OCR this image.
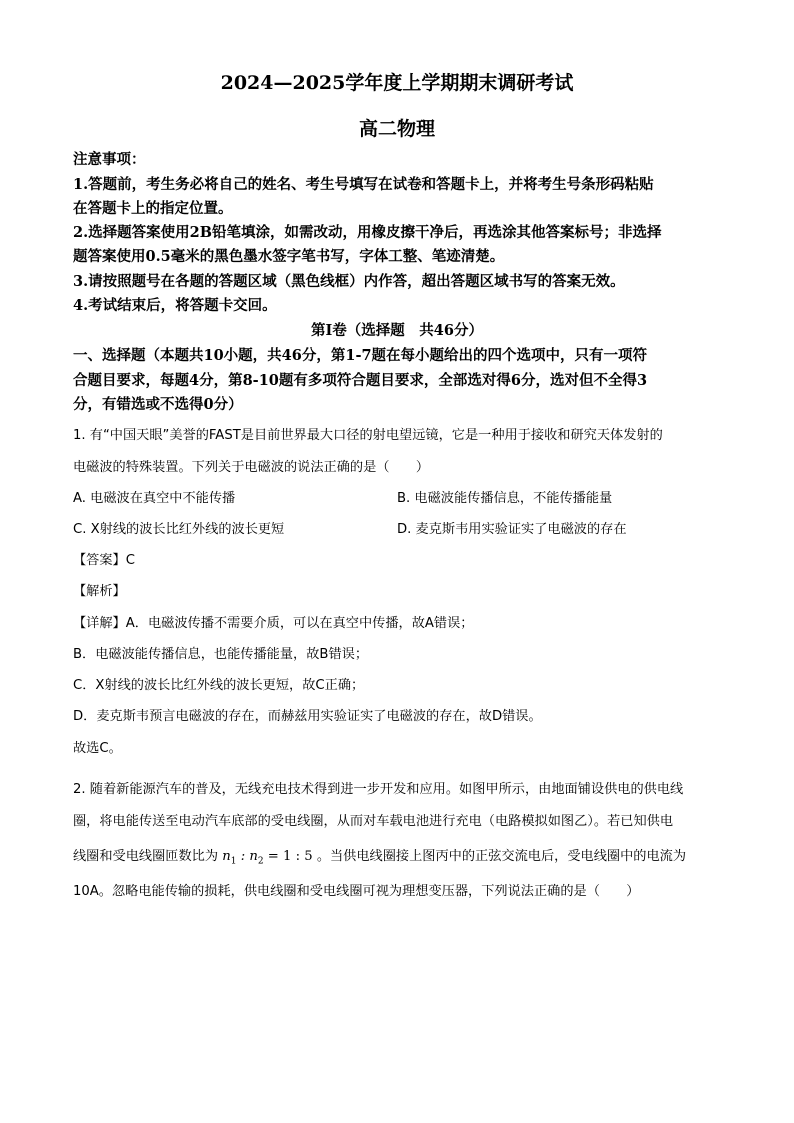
2024—2025学年度上学期期末调研考试
高二物理
注意事项：
1.答题前，考生务必将自己的姓名、考生号填写在试卷和答题卡上，并将考生号条形码粘贴
在答题卡上的指定位置。
2.选择题答案使用2B铅笔填涂，如需改动，用橡皮擦干净后，再选涂其他答案标号；非选择
题答案使用0.5毫米的黑色墨水签字笔书写，字体工整、笔迹清楚。
3.请按照题号在各题的答题区域（黑色线框）内作答，超出答题区域书写的答案无效。
4.考试结束后，将答题卡交回。
第Ⅰ卷（选择题　共46分）
一、选择题（本题共10小题，共46分，第1-7题在每小题给出的四个选项中，只有一项符
合题目要求，每题4分，第8-10题有多项符合题目要求，全部选对得6分，选对但不全得3
分，有错选或不选得0分）
1. 有“中国天眼”美誉的FAST是目前世界最大口径的射电望远镜，它是一种用于接收和研究天体发射的
电磁波的特殊装置。下列关于电磁波的说法正确的是（　　）
A. 电磁波在真空中不能传播	B. 电磁波能传播信息，不能传播能量
C. X射线的波长比红外线的波长更短	D. 麦克斯韦用实验证实了电磁波的存在
【答案】C
【解析】
【详解】A．电磁波传播不需要介质，可以在真空中传播，故A错误；
B．电磁波能传播信息，也能传播能量，故B错误；
C．X射线的波长比红外线的波长更短，故C正确；
D．麦克斯韦预言电磁波的存在，而赫兹用实验证实了电磁波的存在，故D错误。
故选C。
2. 随着新能源汽车的普及，无线充电技术得到进一步开发和应用。如图甲所示，由地面铺设供电的供电线
圈，将电能传送至电动汽车底部的受电线圈，从而对车载电池进行充电（电路模拟如图乙）。若已知供电
线圈和受电线圈匝数比为 $n_1$ : $n_2 = 1$ : 5 。当供电线圈接上图丙中的正弦交流电后，受电线圈中的电流为
10A。忽略电能传输的损耗，供电线圈和受电线圈可视为理想变压器，下列说法正确的是（　　）
